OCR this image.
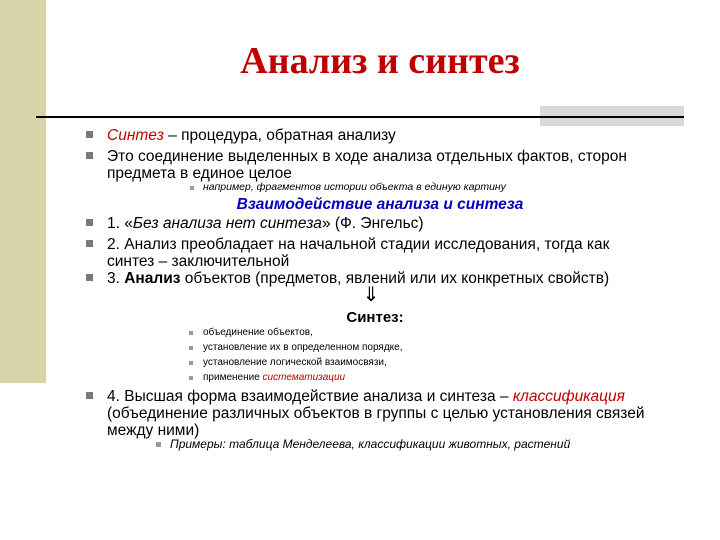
Анализ и синтез
Синтез – процедура, обратная анализу
Это соединение выделенных в ходе анализа отдельных фактов, сторон
предмета в единое целое
например, фрагментов истории объекта в единую картину
Взаимодействие анализа и синтеза
1. «Без анализа нет синтеза» (Ф. Энгельс)
2. Анализ преобладает на начальной стадии исследования, тогда как
синтез – заключительной
3. Анализ объектов (предметов, явлений или их конкретных свойств)
⇓
Синтез:
объединение объектов,
установление их в определенном порядке,
установление логической взаимосвязи,
применение систематизации
4. Высшая форма взаимодействие анализа и синтеза – классификация
(объединение различных объектов в группы с целью установления связей
между ними)
Примеры: таблица Менделеева, классификации животных, растений
